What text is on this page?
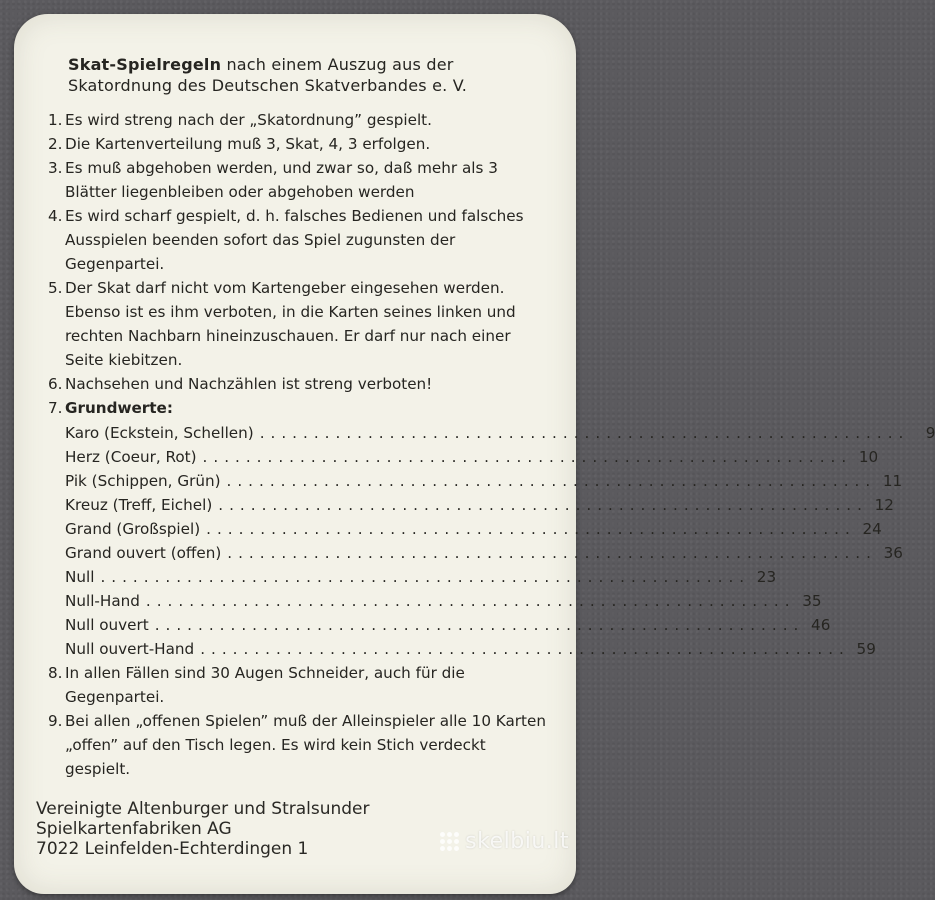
Skat-Spielregeln nach einem Auszug aus der
Skatordnung des Deutschen Skatverbandes e. V.
1. Es wird streng nach der „Skatordnung” gespielt.
2. Die Kartenverteilung muß 3, Skat, 4, 3 erfolgen.
3. Es muß abgehoben werden, und zwar so, daß mehr als 3 Blätter liegenbleiben oder abgehoben werden
4. Es wird scharf gespielt, d. h. falsches Bedienen und falsches Ausspielen beenden sofort das Spiel zugunsten der Gegenpartei.
5. Der Skat darf nicht vom Kartengeber eingesehen werden. Ebenso ist es ihm verboten, in die Karten seines linken und rechten Nachbarn hineinzuschauen. Er darf nur nach einer Seite kiebitzen.
6. Nachsehen und Nachzählen ist streng verboten!
7. Grundwerte:
Karo (Eckstein, Schellen) ............................................................	9
Herz (Coeur, Rot) ............................................................ 10
Pik (Schippen, Grün) ............................................................ 11
Kreuz (Treff, Eichel) ............................................................ 12
Grand (Großspiel) ............................................................ 24
Grand ouvert (offen) ............................................................ 36
Null ............................................................ 23
Null-Hand ............................................................ 35
Null ouvert ............................................................ 46
Null ouvert-Hand ............................................................ 59
8. In allen Fällen sind 30 Augen Schneider, auch für die Gegenpartei.
9. Bei allen „offenen Spielen” muß der Alleinspieler alle 10 Karten „offen” auf den Tisch legen. Es wird kein Stich verdeckt gespielt.
Vereinigte Altenburger und Stralsunder
Spielkartenfabriken AG
7022 Leinfelden-Echterdingen 1	skelbiu.lt
